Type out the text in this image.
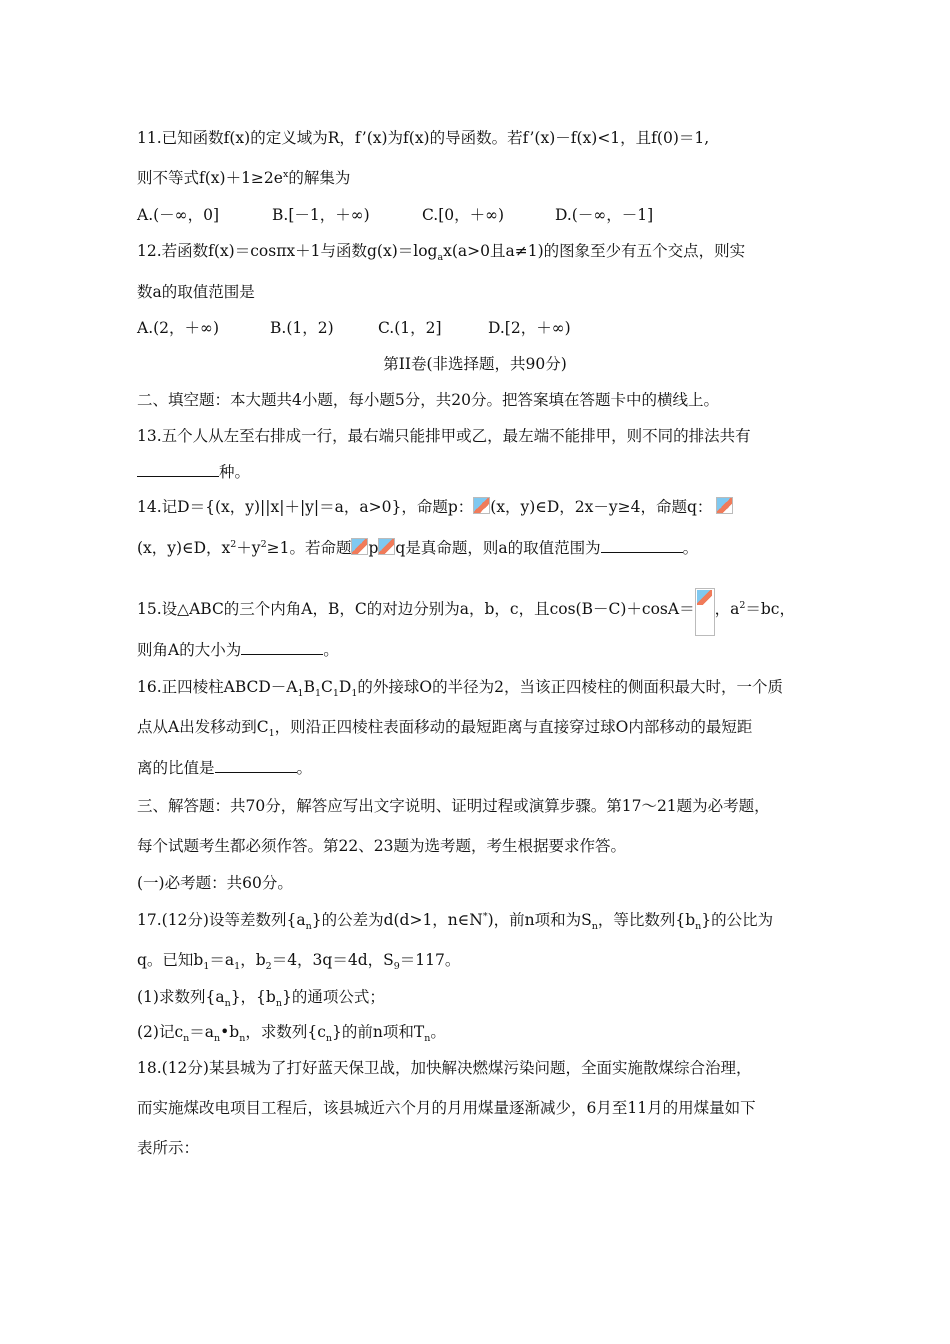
11.已知函数f(x)的定义域为R，f’(x)为f(x)的导函数。若f’(x)－f(x)<1，且f(0)＝1,
则不等式$f(x)+1\ge 2e^x$的解集为
A.(－∞，0]	B.[－1，＋∞)	C.[0，＋∞)	D.(－∞，－1]
12.若函数f(x)＝cosπx＋1与函数$g(x)=\log_ax(a>0$且a≠1)的图象至少有五个交点，则实
数a的取值范围是
A.(2，＋∞)	B.(1，2)	C.(1，2]	D.[2，＋∞)
第II卷(非选择题，共90分)
二、填空题：本大题共4小题，每小题5分，共20分。把答案填在答题卡中的横线上。
13.五个人从左至右排成一行，最右端只能排甲或乙，最左端不能排甲，则不同的排法共有
种。
14.记D＝{(x，y)||x|＋|y|＝a，a>0}，命题p： (x，y)∈D，2x－y≥4，命题q：
(x，y)∈D，$x^2+y^2\ge 1$。若命题 p q是真命题，则a的取值范围为	。
15.设△ABC的三个内角A，B，C的对边分别为a，b，c，且cos(B－C)＋cosA＝ ，$a^2=bc$，
则角A的大小为	。
16.正四棱柱$ABCD-A_1B_1C_1D_1$的外接球O的半径为2，当该正四棱柱的侧面积最大时，一个质
点从A出发移动到$C_1$，则沿正四棱柱表面移动的最短距离与直接穿过球O内部移动的最短距
离的比值是	。
三、解答题：共70分，解答应写出文字说明、证明过程或演算步骤。第17～21题为必考题，
每个试题考生都必须作答。第22、23题为选考题，考生根据要求作答。
(一)必考题：共60分。
17.(12分)设等差数列$\{a_n\}$的公差为d(d>1，n∈N*)，前n项和为$S_n$，等比数列$\{b_n\}$的公比为
q。已知$b_1=a_1$，$b_2=4$，3q＝4d，$S_9=117$。
(1)求数列$\{a_n\}$，$\{b_n\}$的通项公式；
(2)记$c_n=a_n•b_n$，求数列$\{c_n\}$的前n项和$T_n$。
18.(12分)某县城为了打好蓝天保卫战，加快解决燃煤污染问题，全面实施散煤综合治理，
而实施煤改电项目工程后，该县城近六个月的月用煤量逐渐减少，6月至11月的用煤量如下
表所示：
